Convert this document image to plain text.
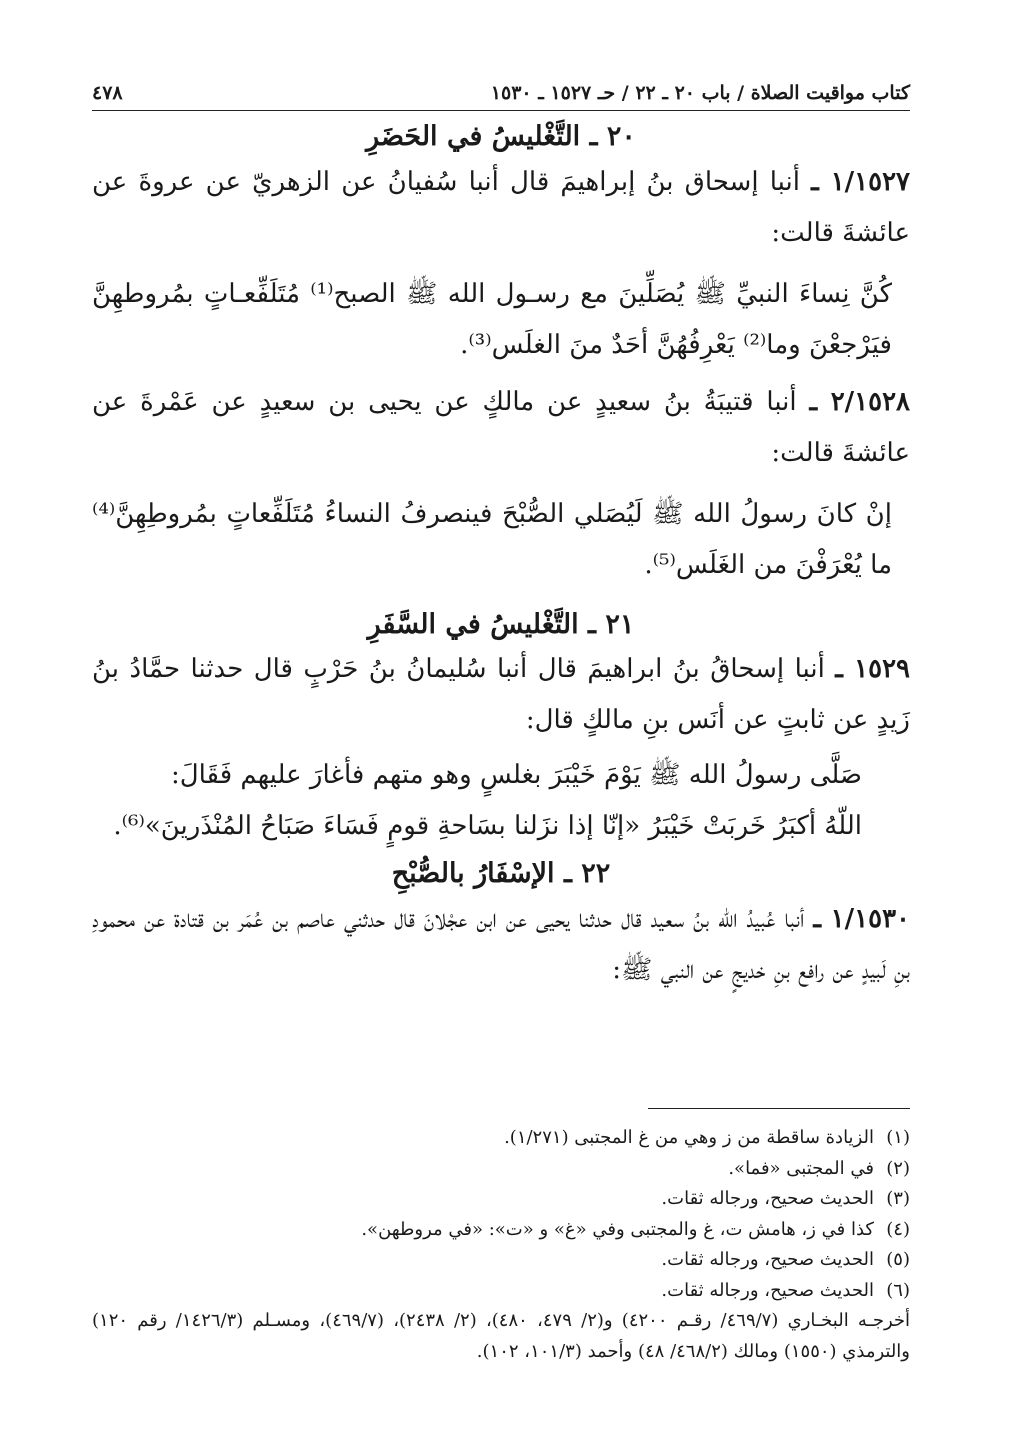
كتاب مواقيت الصلاة / باب ٢٠ ـ ٢٢ / حـ ١٥٢٧ ـ ١٥٣٠
٤٧٨
٢٠ ـ التَّغْليسُ في الحَضَرِ

١/١٥٢٧ ـ أنبا إسحاق بنُ إبراهيمَ قال أنبا سُفيانُ عن الزهريّ عن عروةَ عن عائشةَ قالت:

كُنَّ نِساءَ النبيِّ ﷺ يُصَلِّينَ مع رسـول الله ﷺ الصبح⁽¹⁾ مُتَلَفِّعـاتٍ بمُروطهِنَّ فيَرْجعْنَ وما⁽²⁾ يَعْرِفُهُنَّ أحَدٌ منَ الغلَس⁽³⁾.

٢/١٥٢٨ ـ أنبا قتيبَةُ بنُ سعيدٍ عن مالكٍ عن يحيى بن سعيدٍ عن عَمْرةَ عن عائشةَ قالت:

إنْ كانَ رسولُ الله ﷺ لَيُصَلي الصُّبْحَ فينصرفُ النساءُ مُتَلَفِّعاتٍ بمُروطِهِنَّ⁽⁴⁾ ما يُعْرَفْنَ من الغَلَس⁽⁵⁾.

٢١ ـ التَّغْليسُ في السَّفَرِ

١٥٢٩ ـ أنبا إسحاقُ بنُ ابراهيمَ قال أنبا سُليمانُ بنُ حَرْبٍ قال حدثنا حمَّادُ بنُ زَيدٍ عن ثابتٍ عن أنَس بنِ مالكٍ قال:

صَلَّى رسولُ الله ﷺ يَوْمَ خَيْبَرَ بغلسٍ وهو متهم فأغارَ عليهم فَقَالَ:

اللّهُ أكبَرُ خَربَتْ خَيْبَرُ «إنّا إذا نزَلنا بسَاحةِ قومٍ فَسَاءَ صَبَاحُ المُنْذَرينَ»⁽⁶⁾.

٢٢ ـ الإسْفَارُ بالصُّبْحِ

١/١٥٣٠ ـ أنبا عُبيدُ الله بنُ سعيد قال حدثنا يحيى عن ابن عجْلانَ قال حدثني عاصم بن عُمَر بن قتادة عن محمودِ بنِ لَبيدٍ عن رافع بنِ خديجٍ عن النبي ﷺ:

(١)الزيادة ساقطة من ز وهي من غ المجتبى (١/٢٧١).

(٢)في المجتبى «فما».

(٣)الحديث صحيح، ورجاله ثقات.

(٤)كذا في ز، هامش ت، غ والمجتبى وفي «غ» و «ت»: «في مروطهن».

(٥)الحديث صحيح، ورجاله ثقات.

(٦)الحديث صحيح، ورجاله ثقات.

أخرجـه البخـاري (٤٦٩/٧/ رقـم ٤٢٠٠) و(٢/ ٤٧٩، ٤٨٠)، (٢/ ٢٤٣٨)، (٤٦٩/٧)، ومسـلم (١٤٢٦/٣/ رقم ١٢٠) والترمذي (١٥٥٠) ومالك (٤٦٨/٢/ ٤٨) وأحمد (١٠١/٣، ١٠٢).
